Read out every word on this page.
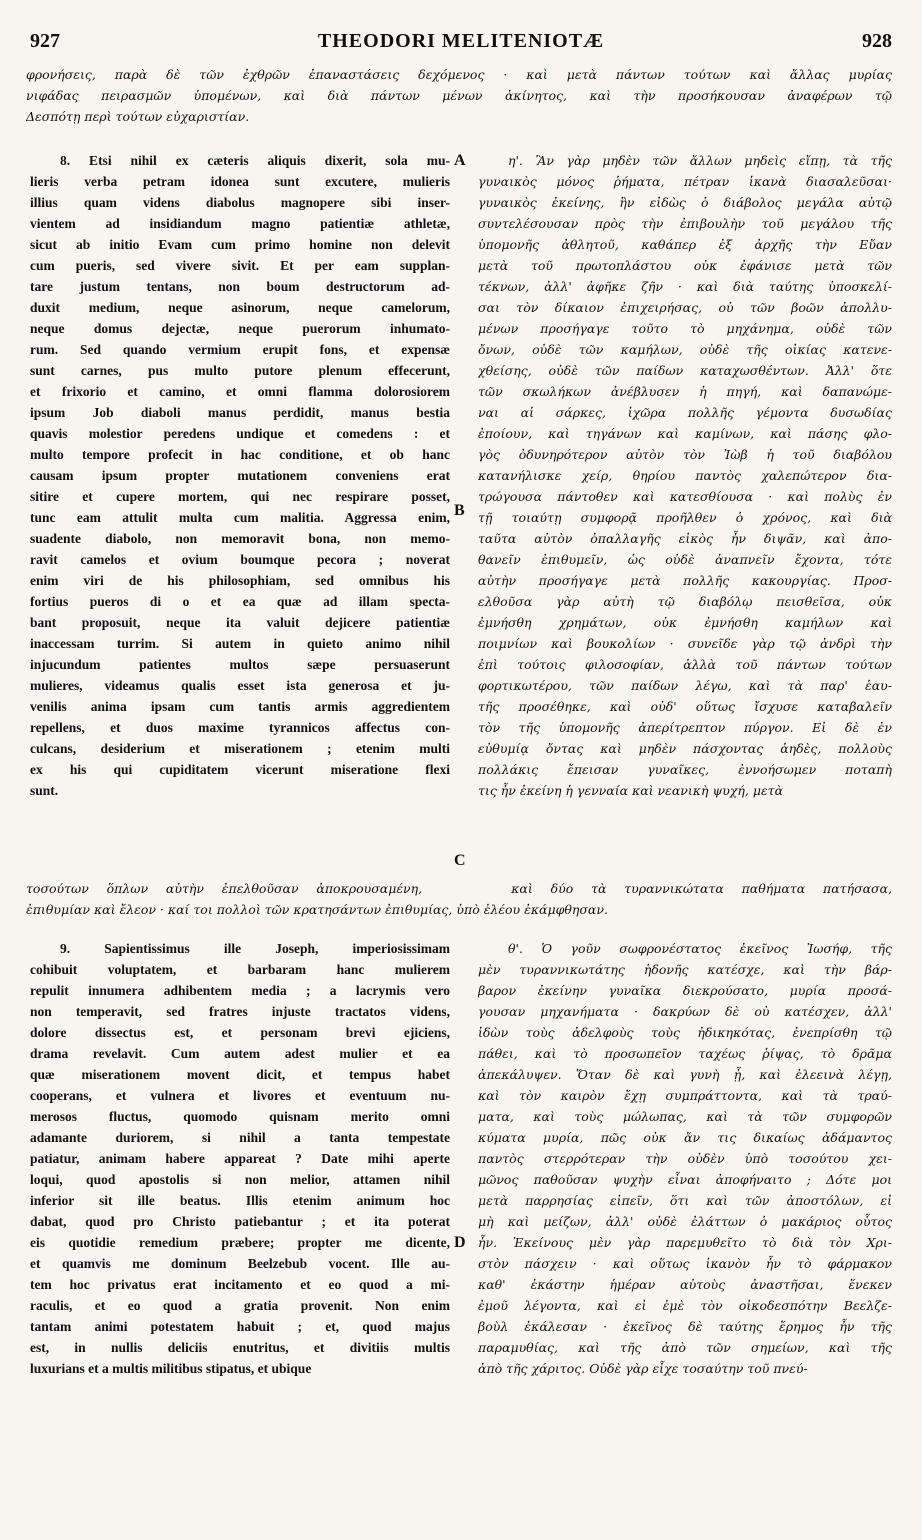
927	THEODORI MELITENIOTÆ	928
φρονήσεις, παρὰ δὲ τῶν ἐχθρῶν ἐπαναστάσεις δεχόμενος · καὶ μετὰ πάντων τούτων καὶ ἄλλας μυρίας
νιφάδας πειρασμῶν ὑπομένων, καὶ διὰ πάντων μένων ἀκίνητος, καὶ τὴν προσήκουσαν ἀναφέρων τῷ
Δεσπότῃ περὶ τούτων εὐχαριστίαν.
A
B
C
D
8. Etsi nihil ex cæteris aliquis dixerit, sola mu-
lieris verba petram idonea sunt excutere, mulieris
illius quam videns diabolus magnopere sibi inser-
vientem ad insidiandum magno patientiæ athletæ,
sicut ab initio Evam cum primo homine non delevit
cum pueris, sed vivere sivit. Et per eam supplan-
tare justum tentans, non boum destructorum ad-
duxit medium, neque asinorum, neque camelorum,
neque domus dejectæ, neque puerorum inhumato-
rum. Sed quando vermium erupit fons, et expensæ
sunt carnes, pus multo putore plenum effecerunt,
et frixorio et camino, et omni flamma dolorosiorem
ipsum Job diaboli manus perdidit, manus bestia
quavis molestior peredens undique et comedens : et
multo tempore profecit in hac conditione, et ob hanc
causam ipsum propter mutationem conveniens erat
sitire et cupere mortem, qui nec respirare posset,
tunc eam attulit multa cum malitia. Aggressa enim,
suadente diabolo, non memoravit bona, non memo-
ravit camelos et ovium boumque pecora ; noverat
enim viri de his philosophiam, sed omnibus his
fortius pueros di o et ea quæ ad illam specta-
bant proposuit, neque ita valuit dejicere patientiæ
inaccessam turrim. Si autem in quieto animo nihil
injucundum patientes multos sæpe persuaserunt
mulieres, videamus qualis esset ista generosa et ju-
venilis anima ipsam cum tantis armis aggredientem
repellens, et duos maxime tyrannicos affectus con-
culcans, desiderium et miserationem ; etenim multi
ex his qui cupiditatem vicerunt miseratione flexi
sunt.
η'. Ἂν γὰρ μηδὲν τῶν ἄλλων μηδεὶς εἴπῃ, τὰ τῆς
γυναικὸς μόνος ῥήματα, πέτραν ἱκανὰ διασαλεῦσαι·
γυναικὸς ἐκείνης, ἣν εἰδὼς ὁ διάβολος μεγάλα αὐτῷ
συντελέσουσαν πρὸς τὴν ἐπιβουλὴν τοῦ μεγάλου τῆς
ὑπομονῆς ἀθλητοῦ, καθάπερ ἐξ ἀρχῆς τὴν Εὔαν
μετὰ τοῦ πρωτοπλάστου οὐκ ἐφάνισε μετὰ τῶν
τέκνων, ἀλλ' ἀφῆκε ζῆν · καὶ διὰ ταύτης ὑποσκελί-
σαι τὸν δίκαιον ἐπιχειρήσας, οὐ τῶν βοῶν ἀπολλυ-
μένων προσήγαγε τοῦτο τὸ μηχάνημα, οὐδὲ τῶν
ὄνων, οὐδὲ τῶν καμήλων, οὐδὲ τῆς οἰκίας κατενε-
χθείσης, οὐδὲ τῶν παίδων καταχωσθέντων. Ἀλλ' ὅτε
τῶν σκωλήκων ἀνέβλυσεν ἡ πηγή, καὶ δαπανώμε-
ναι αἱ σάρκες, ἰχῶρα πολλῆς γέμοντα δυσωδίας
ἐποίουν, καὶ τηγάνων καὶ καμίνων, καὶ πάσης φλο-
γὸς ὀδυνηρότερον αὐτὸν τὸν Ἰὼβ ἡ τοῦ διαβόλου
κατανήλισκε χείρ, θηρίου παντὸς χαλεπώτερον δια-
τρώγουσα πάντοθεν καὶ κατεσθίουσα · καὶ πολὺς ἐν
τῇ τοιαύτῃ συμφορᾷ προῆλθεν ὁ χρόνος, καὶ διὰ
ταῦτα αὐτὸν ὀπαλλαγῆς εἰκὸς ἦν διψᾶν, καὶ ἀπο-
θανεῖν ἐπιθυμεῖν, ὡς οὐδὲ ἀναπνεῖν ἔχοντα, τότε
αὐτὴν προσήγαγε μετὰ πολλῆς κακουργίας. Προσ-
ελθοῦσα γὰρ αὐτὴ τῷ διαβόλῳ πεισθεῖσα, οὐκ
ἐμνήσθη χρημάτων, οὐκ ἐμνήσθη καμήλων καὶ
ποιμνίων καὶ βουκολίων · συνεῖδε γὰρ τῷ ἀνδρὶ τὴν
ἐπὶ τούτοις φιλοσοφίαν, ἀλλὰ τοῦ πάντων τούτων
φορτικωτέρου, τῶν παίδων λέγω, καὶ τὰ παρ' ἑαυ-
τῆς προσέθηκε, καὶ οὐδ' οὕτως ἴσχυσε καταβαλεῖν
τὸν τῆς ὑπομονῆς ἀπερίτρεπτον πύργον. Εἰ δὲ ἐν
εὐθυμίᾳ ὄντας καὶ μηδὲν πάσχοντας ἀηδὲς, πολλοὺς
πολλάκις ἔπεισαν γυναῖκες, ἐννοήσωμεν ποταπὴ
τις ἦν ἐκείνη ἡ γενναία καὶ νεανικὴ ψυχή, μετὰ
τοσούτων ὅπλων αὐτὴν ἐπελθοῦσαν ἀποκρουσαμένη,     καὶ δύο τὰ τυραννικώτατα παθήματα πατήσασα,
ἐπιθυμίαν καὶ ἔλεον · καί τοι πολλοὶ τῶν κρατησάντων ἐπιθυμίας, ὑπὸ ἐλέου ἐκάμφθησαν.
9. Sapientissimus ille Joseph, imperiosissimam
cohibuit voluptatem, et barbaram hanc mulierem
repulit innumera adhibentem media ; a lacrymis vero
non temperavit, sed fratres injuste tractatos videns,
dolore dissectus est, et personam brevi ejiciens,
drama revelavit. Cum autem adest mulier et ea
quæ miserationem movent dicit, et tempus habet
cooperans, et vulnera et livores et eventuum nu-
merosos fluctus, quomodo quisnam merito omni
adamante duriorem, si nihil a tanta tempestate
patiatur, animam habere appareat ? Date mihi aperte
loqui, quod apostolis si non melior, attamen nihil
inferior sit ille beatus. Illis etenim animum hoc
dabat, quod pro Christo patiebantur ; et ita poterat
eis quotidie remedium præbere; propter me dicente,
et quamvis me dominum Beelzebub vocent. Ille au-
tem hoc privatus erat incitamento et eo quod a mi-
raculis, et eo quod a gratia provenit. Non enim
tantam animi potestatem habuit ; et, quod majus
est, in nullis deliciis enutritus, et divitiis multis
luxurians et a multis militibus stipatus, et ubique
θ'. Ὁ γοῦν σωφρονέστατος ἐκεῖνος Ἰωσήφ, τῆς
μὲν τυραννικωτάτης ἡδονῆς κατέσχε, καὶ τὴν βάρ-
βαρον ἐκείνην γυναῖκα διεκρούσατο, μυρία προσά-
γουσαν μηχανήματα · δακρύων δὲ οὐ κατέσχεν, ἀλλ'
ἰδὼν τοὺς ἀδελφοὺς τοὺς ἠδικηκότας, ἐνεπρίσθη τῷ
πάθει, καὶ τὸ προσωπεῖον ταχέως ῥίψας, τὸ δρᾶμα
ἀπεκάλυψεν. Ὅταν δὲ καὶ γυνὴ ᾖ, καὶ ἐλεεινὰ λέγῃ,
καὶ τὸν καιρὸν ἔχῃ συμπράττοντα, καὶ τὰ τραύ-
ματα, καὶ τοὺς μώλωπας, καὶ τὰ τῶν συμφορῶν
κύματα μυρία, πῶς οὐκ ἄν τις δικαίως ἀδάμαντος
παντὸς στερρότεραν τὴν οὐδὲν ὑπὸ τοσούτου χει-
μῶνος παθοῦσαν ψυχὴν εἶναι ἀποφήναιτο ; Δότε μοι
μετὰ παρρησίας εἰπεῖν, ὅτι καὶ τῶν ἀποστόλων, εἰ
μὴ καὶ μείζων, ἀλλ' οὐδὲ ἐλάττων ὁ μακάριος οὗτος
ἦν. Ἐκείνους μὲν γὰρ παρεμυθεῖτο τὸ διὰ τὸν Χρι-
στὸν πάσχειν · καὶ οὕτως ἱκανὸν ἦν τὸ φάρμακον
καθ' ἑκάστην ἡμέραν αὐτοὺς ἀναστῆσαι, ἕνεκεν
ἐμοῦ λέγοντα, καὶ εἰ ἐμὲ τὸν οἰκοδεσπότην Βεελζε-
βοὺλ ἐκάλεσαν · ἐκεῖνος δὲ ταύτης ἔρημος ἦν τῆς
παραμυθίας, καὶ τῆς ἀπὸ τῶν σημείων, καὶ τῆς
ἀπὸ τῆς χάριτος. Οὐδὲ γὰρ εἶχε τοσαύτην τοῦ πνεύ-
